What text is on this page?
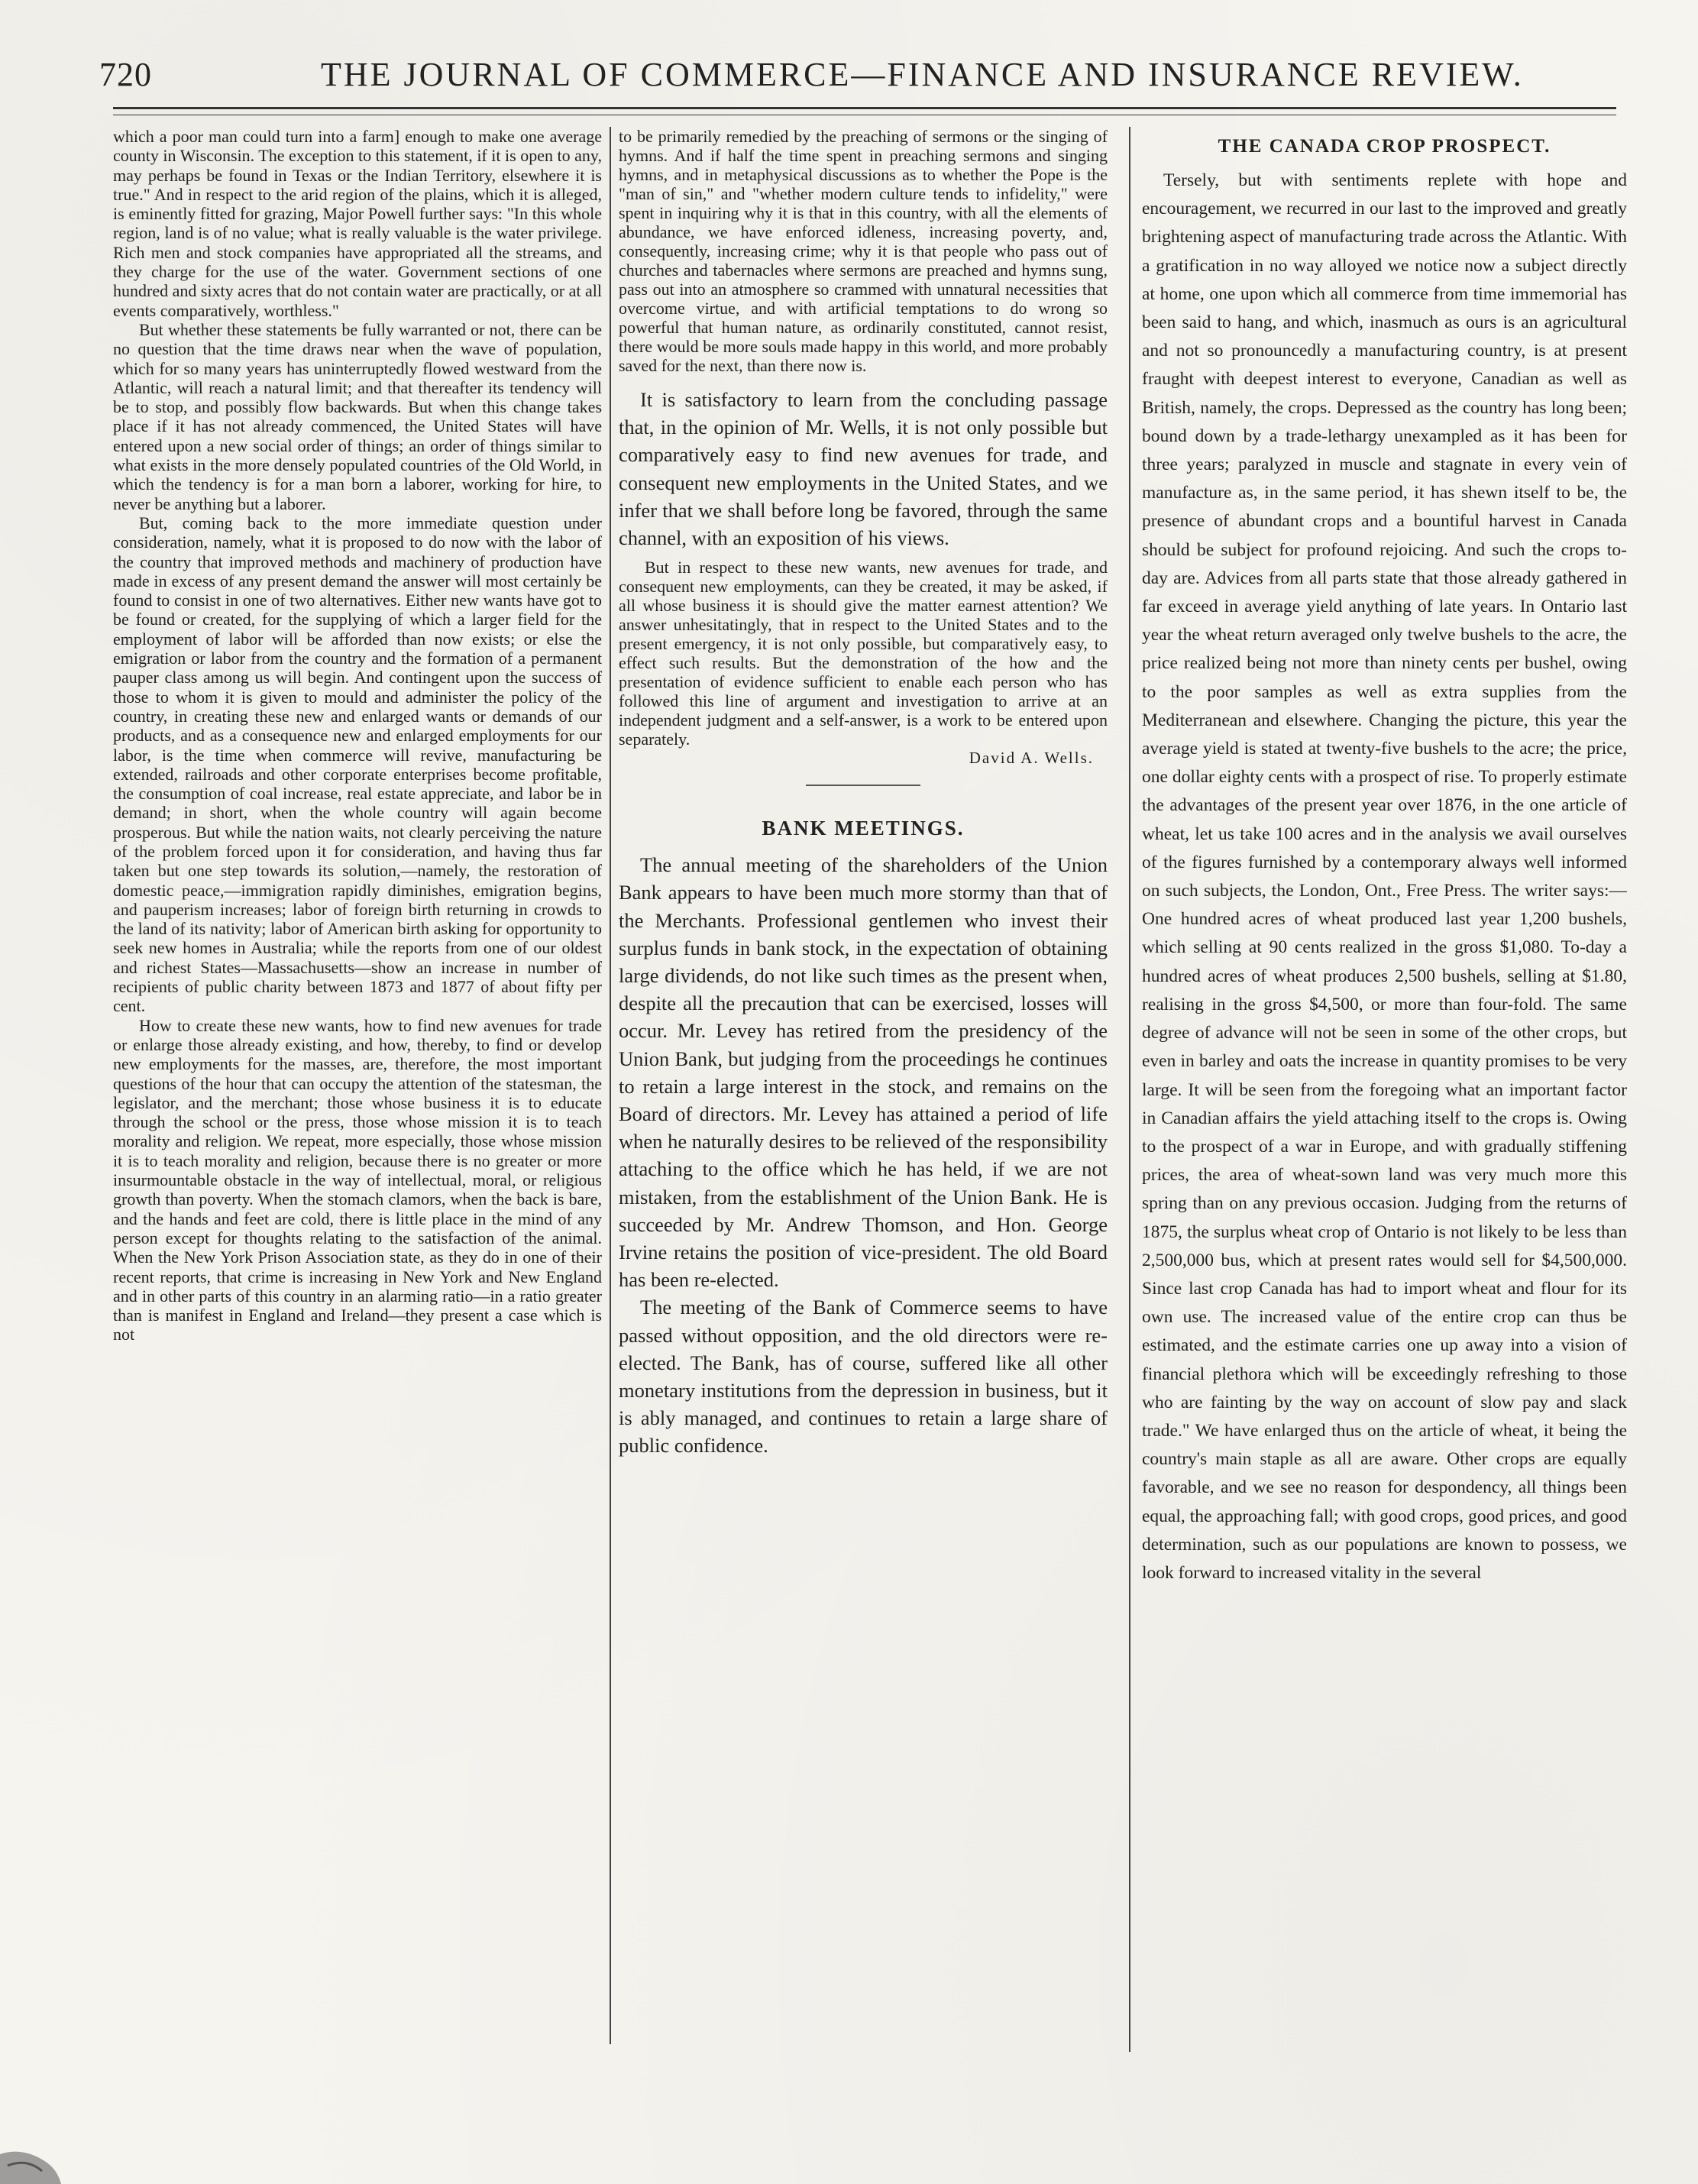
720	THE JOURNAL OF COMMERCE—FINANCE AND INSURANCE REVIEW.

which a poor man could turn into a farm] enough to make one average county in Wisconsin. The exception to this statement, if it is open to any, may perhaps be found in Texas or the Indian Territory, elsewhere it is true." And in respect to the arid region of the plains, which it is alleged, is eminently fitted for grazing, Major Powell further says: "In this whole region, land is of no value; what is really valuable is the water privilege. Rich men and stock companies have appropriated all the streams, and they charge for the use of the water. Government sections of one hundred and sixty acres that do not contain water are practically, or at all events comparatively, worthless."

But whether these statements be fully warranted or not, there can be no question that the time draws near when the wave of population, which for so many years has uninterruptedly flowed westward from the Atlantic, will reach a natural limit; and that thereafter its tendency will be to stop, and possibly flow backwards. But when this change takes place if it has not already commenced, the United States will have entered upon a new social order of things; an order of things similar to what exists in the more densely populated countries of the Old World, in which the tendency is for a man born a laborer, working for hire, to never be anything but a laborer.

But, coming back to the more immediate question under consideration, namely, what it is proposed to do now with the labor of the country that improved methods and machinery of production have made in excess of any present demand the answer will most certainly be found to consist in one of two alternatives. Either new wants have got to be found or created, for the supplying of which a larger field for the employment of labor will be afforded than now exists; or else the emigration or labor from the country and the formation of a permanent pauper class among us will begin. And contingent upon the success of those to whom it is given to mould and administer the policy of the country, in creating these new and enlarged wants or demands of our products, and as a consequence new and enlarged employments for our labor, is the time when commerce will revive, manufacturing be extended, railroads and other corporate enterprises become profitable, the consumption of coal increase, real estate appreciate, and labor be in demand; in short, when the whole country will again become prosperous. But while the nation waits, not clearly perceiving the nature of the problem forced upon it for consideration, and having thus far taken but one step towards its solution,—namely, the restoration of domestic peace,—immigration rapidly diminishes, emigration begins, and pauperism increases; labor of foreign birth returning in crowds to the land of its nativity; labor of American birth asking for opportunity to seek new homes in Australia; while the reports from one of our oldest and richest States—Massachusetts—show an increase in number of recipients of public charity between 1873 and 1877 of about fifty per cent.

How to create these new wants, how to find new avenues for trade or enlarge those already existing, and how, thereby, to find or develop new employments for the masses, are, therefore, the most important questions of the hour that can occupy the attention of the statesman, the legislator, and the merchant; those whose business it is to educate through the school or the press, those whose mission it is to teach morality and religion. We repeat, more especially, those whose mission it is to teach morality and religion, because there is no greater or more insurmountable obstacle in the way of intellectual, moral, or religious growth than poverty. When the stomach clamors, when the back is bare, and the hands and feet are cold, there is little place in the mind of any person except for thoughts relating to the satisfaction of the animal. When the New York Prison Association state, as they do in one of their recent reports, that crime is increasing in New York and New England and in other parts of this country in an alarming ratio—in a ratio greater than is manifest in England and Ireland—they present a case which is not

to be primarily remedied by the preaching of sermons or the singing of hymns. And if half the time spent in preaching sermons and singing hymns, and in metaphysical discussions as to whether the Pope is the "man of sin," and "whether modern culture tends to infidelity," were spent in inquiring why it is that in this country, with all the elements of abundance, we have enforced idleness, increasing poverty, and, consequently, increasing crime; why it is that people who pass out of churches and tabernacles where sermons are preached and hymns sung, pass out into an atmosphere so crammed with unnatural necessities that overcome virtue, and with artificial temptations to do wrong so powerful that human nature, as ordinarily constituted, cannot resist, there would be more souls made happy in this world, and more probably saved for the next, than there now is.

It is satisfactory to learn from the concluding passage that, in the opinion of Mr. Wells, it is not only possible but comparatively easy to find new avenues for trade, and consequent new employments in the United States, and we infer that we shall before long be favored, through the same channel, with an exposition of his views.

But in respect to these new wants, new avenues for trade, and consequent new employments, can they be created, it may be asked, if all whose business it is should give the matter earnest attention? We answer unhesitatingly, that in respect to the United States and to the present emergency, it is not only possible, but comparatively easy, to effect such results. But the demonstration of the how and the presentation of evidence sufficient to enable each person who has followed this line of argument and investigation to arrive at an independent judgment and a self-answer, is a work to be entered upon separately.

David A. Wells.

BANK MEETINGS.

The annual meeting of the shareholders of the Union Bank appears to have been much more stormy than that of the Merchants. Professional gentlemen who invest their surplus funds in bank stock, in the expectation of obtaining large dividends, do not like such times as the present when, despite all the precaution that can be exercised, losses will occur. Mr. Levey has retired from the presidency of the Union Bank, but judging from the proceedings he continues to retain a large interest in the stock, and remains on the Board of directors. Mr. Levey has attained a period of life when he naturally desires to be relieved of the responsibility attaching to the office which he has held, if we are not mistaken, from the establishment of the Union Bank. He is succeeded by Mr. Andrew Thomson, and Hon. George Irvine retains the position of vice-president. The old Board has been re-elected.

The meeting of the Bank of Commerce seems to have passed without opposition, and the old directors were re-elected. The Bank, has of course, suffered like all other monetary institutions from the depression in business, but it is ably managed, and continues to retain a large share of public confidence.

THE CANADA CROP PROSPECT.

Tersely, but with sentiments replete with hope and encouragement, we recurred in our last to the improved and greatly brightening aspect of manufacturing trade across the Atlantic. With a gratification in no way alloyed we notice now a subject directly at home, one upon which all commerce from time immemorial has been said to hang, and which, inasmuch as ours is an agricultural and not so pronouncedly a manufacturing country, is at present fraught with deepest interest to everyone, Canadian as well as British, namely, the crops. Depressed as the country has long been; bound down by a trade-lethargy unexampled as it has been for three years; paralyzed in muscle and stagnate in every vein of manufacture as, in the same period, it has shewn itself to be, the presence of abundant crops and a bountiful harvest in Canada should be subject for profound rejoicing. And such the crops to-day are. Advices from all parts state that those already gathered in far exceed in average yield anything of late years. In Ontario last year the wheat return averaged only twelve bushels to the acre, the price realized being not more than ninety cents per bushel, owing to the poor samples as well as extra supplies from the Mediterranean and elsewhere. Changing the picture, this year the average yield is stated at twenty-five bushels to the acre; the price, one dollar eighty cents with a prospect of rise. To properly estimate the advantages of the present year over 1876, in the one article of wheat, let us take 100 acres and in the analysis we avail ourselves of the figures furnished by a contemporary always well informed on such subjects, the London, Ont., Free Press. The writer says:—One hundred acres of wheat produced last year 1,200 bushels, which selling at 90 cents realized in the gross $1,080. To-day a hundred acres of wheat produces 2,500 bushels, selling at $1.80, realising in the gross $4,500, or more than four-fold. The same degree of advance will not be seen in some of the other crops, but even in barley and oats the increase in quantity promises to be very large. It will be seen from the foregoing what an important factor in Canadian affairs the yield attaching itself to the crops is. Owing to the prospect of a war in Europe, and with gradually stiffening prices, the area of wheat-sown land was very much more this spring than on any previous occasion. Judging from the returns of 1875, the surplus wheat crop of Ontario is not likely to be less than 2,500,000 bus, which at present rates would sell for $4,500,000. Since last crop Canada has had to import wheat and flour for its own use. The increased value of the entire crop can thus be estimated, and the estimate carries one up away into a vision of financial plethora which will be exceedingly refreshing to those who are fainting by the way on account of slow pay and slack trade." We have enlarged thus on the article of wheat, it being the country's main staple as all are aware. Other crops are equally favorable, and we see no reason for despondency, all things been equal, the approaching fall; with good crops, good prices, and good determination, such as our populations are known to possess, we look forward to increased vitality in the several
